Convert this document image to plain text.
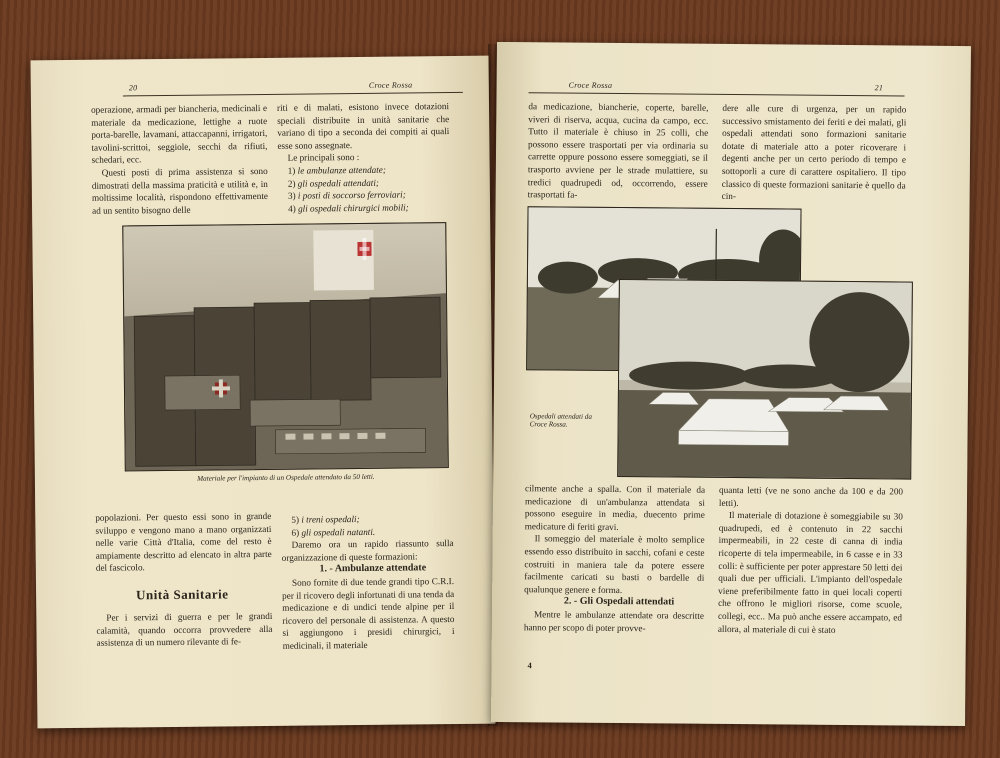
20	Croce Rossa

operazione, armadi per biancheria, medicinali e materiale da medicazione, lettighe a ruote porta-barelle, lavamani, attaccapanni, irrigatori, tavolini-scrittoi, seggiole, secchi da rifiuti, schedari, ecc.

Questi posti di prima assistenza si sono dimostrati della massima praticità e utilità e, in moltissime località, rispondono effettivamente ad un sentito bisogno delle

riti e di malati, esistono invece dotazioni speciali distribuite in unità sanitarie che variano di tipo a seconda dei compiti ai quali esse sono assegnate.

Le principali sono :

1) le ambulanze attendate;

2) gli ospedali attendati;

3) i posti di soccorso ferroviari;

4) gli ospedali chirurgici mobili;

Materiale per l'impianto di un Ospedale attendato da 50 letti.

popolazioni. Per questo essi sono in grande sviluppo e vengono mano a mano organizzati nelle varie Città d'Italia, come del resto è ampiamente descritto ad elencato in altra parte del fascicolo.

Unità Sanitarie

Per i servizi di guerra e per le grandi calamità, quando occorra provvedere alla assistenza di un numero rilevante di fe-

5) i treni ospedali;

6) gli ospedali natanti.

Daremo ora un rapido riassunto sulla organizzazione di queste formazioni:

1. - Ambulanze attendate

Sono fornite di due tende grandi tipo C.R.I. per il ricovero degli infortunati di una tenda da medicazione e di undici tende alpine per il ricovero del personale di assistenza. A questo si aggiungono i presidi chirurgici, i medicinali, il materiale

Croce Rossa	21

da medicazione, biancherie, coperte, barelle, viveri di riserva, acqua, cucina da campo, ecc. Tutto il materiale è chiuso in 25 colli, che possono essere trasportati per via ordinaria su carrette oppure possono essere someggiati, se il trasporto avviene per le strade mulattiere, su tredici quadrupedi od, occorrendo, essere trasportati fa-

dere alle cure di urgenza, per un rapido successivo smistamento dei feriti e dei malati, gli ospedali attendati sono formazioni sanitarie dotate di materiale atto a poter ricoverare i degenti anche per un certo periodo di tempo e sottoporli a cure di carattere ospitaliero. Il tipo classico di queste formazioni sanitarie è quello da cin-

Ospedali attendati da Croce Rossa.

cilmente anche a spalla. Con il materiale da medicazione di un'ambulanza attendata si possono eseguire in media, duecento prime medicature di feriti gravi.

Il someggio del materiale è molto semplice essendo esso distribuito in sacchi, cofani e ceste costruiti in maniera tale da potere essere facilmente caricati su basti o bardelle di qualunque genere e forma.

2. - Gli Ospedali attendati

Mentre le ambulanze attendate ora descritte hanno per scopo di poter provve-

quanta letti (ve ne sono anche da 100 e da 200 letti).

Il materiale di dotazione è someggiabile su 30 quadrupedi, ed è contenuto in 22 sacchi impermeabili, in 22 ceste di canna di india ricoperte di tela impermeabile, in 6 casse e in 33 colli: è sufficiente per poter apprestare 50 letti dei quali due per ufficiali. L'impianto dell'ospedale viene preferibilmente fatto in quei locali coperti che offrono le migliori risorse, come scuole, collegi, ecc.. Ma può anche essere accampato, ed allora, al materiale di cui è stato

4
